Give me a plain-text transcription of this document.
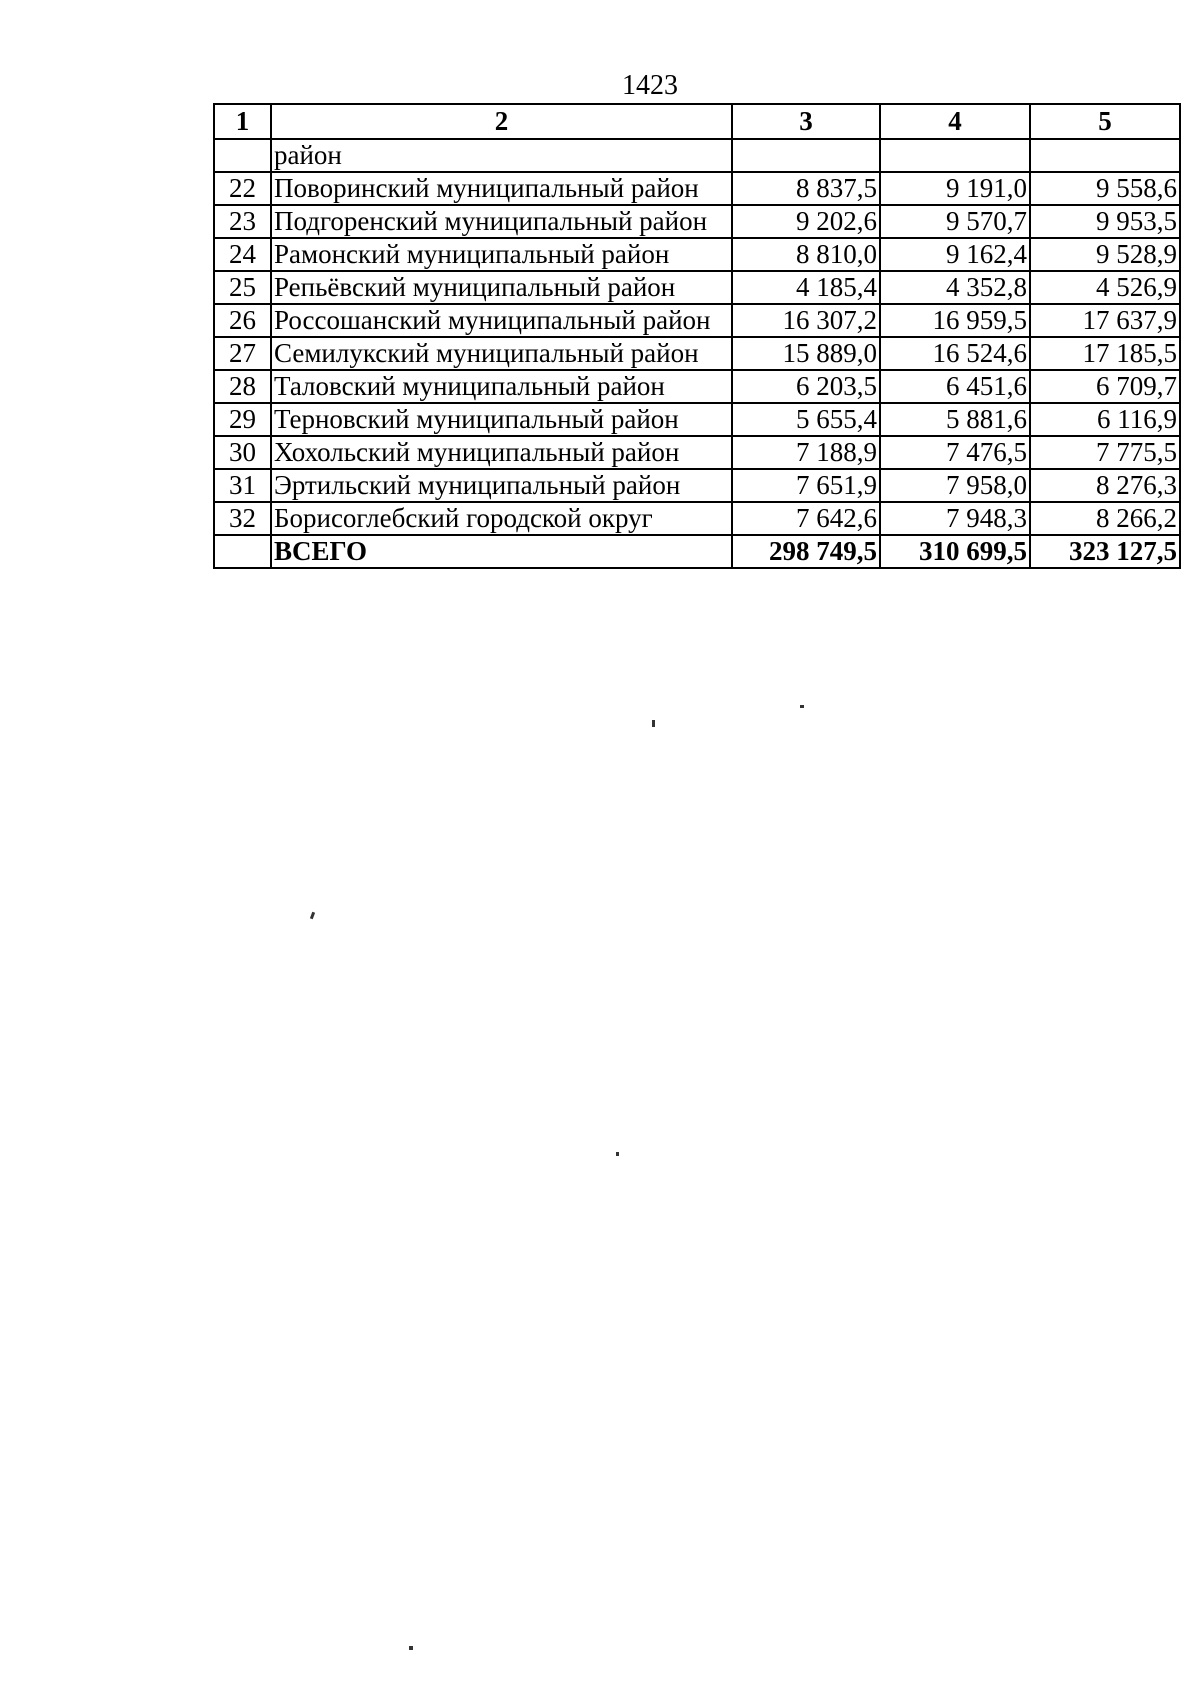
1423
1	2	3	4	5
	район			
22	Поворинский муниципальный район	8 837,5	9 191,0	9 558,6
23	Подгоренский муниципальный район	9 202,6	9 570,7	9 953,5
24	Рамонский муниципальный район	8 810,0	9 162,4	9 528,9
25	Репьёвский муниципальный район	4 185,4	4 352,8	4 526,9
26	Россошанский муниципальный район	16 307,2	16 959,5	17 637,9
27	Семилукский муниципальный район	15 889,0	16 524,6	17 185,5
28	Таловский муниципальный район	6 203,5	6 451,6	6 709,7
29	Терновский муниципальный район	5 655,4	5 881,6	6 116,9
30	Хохольский муниципальный район	7 188,9	7 476,5	7 775,5
31	Эртильский муниципальный район	7 651,9	7 958,0	8 276,3
32	Борисоглебский городской округ	7 642,6	7 948,3	8 266,2
	ВСЕГО	298 749,5	310 699,5	323 127,5
